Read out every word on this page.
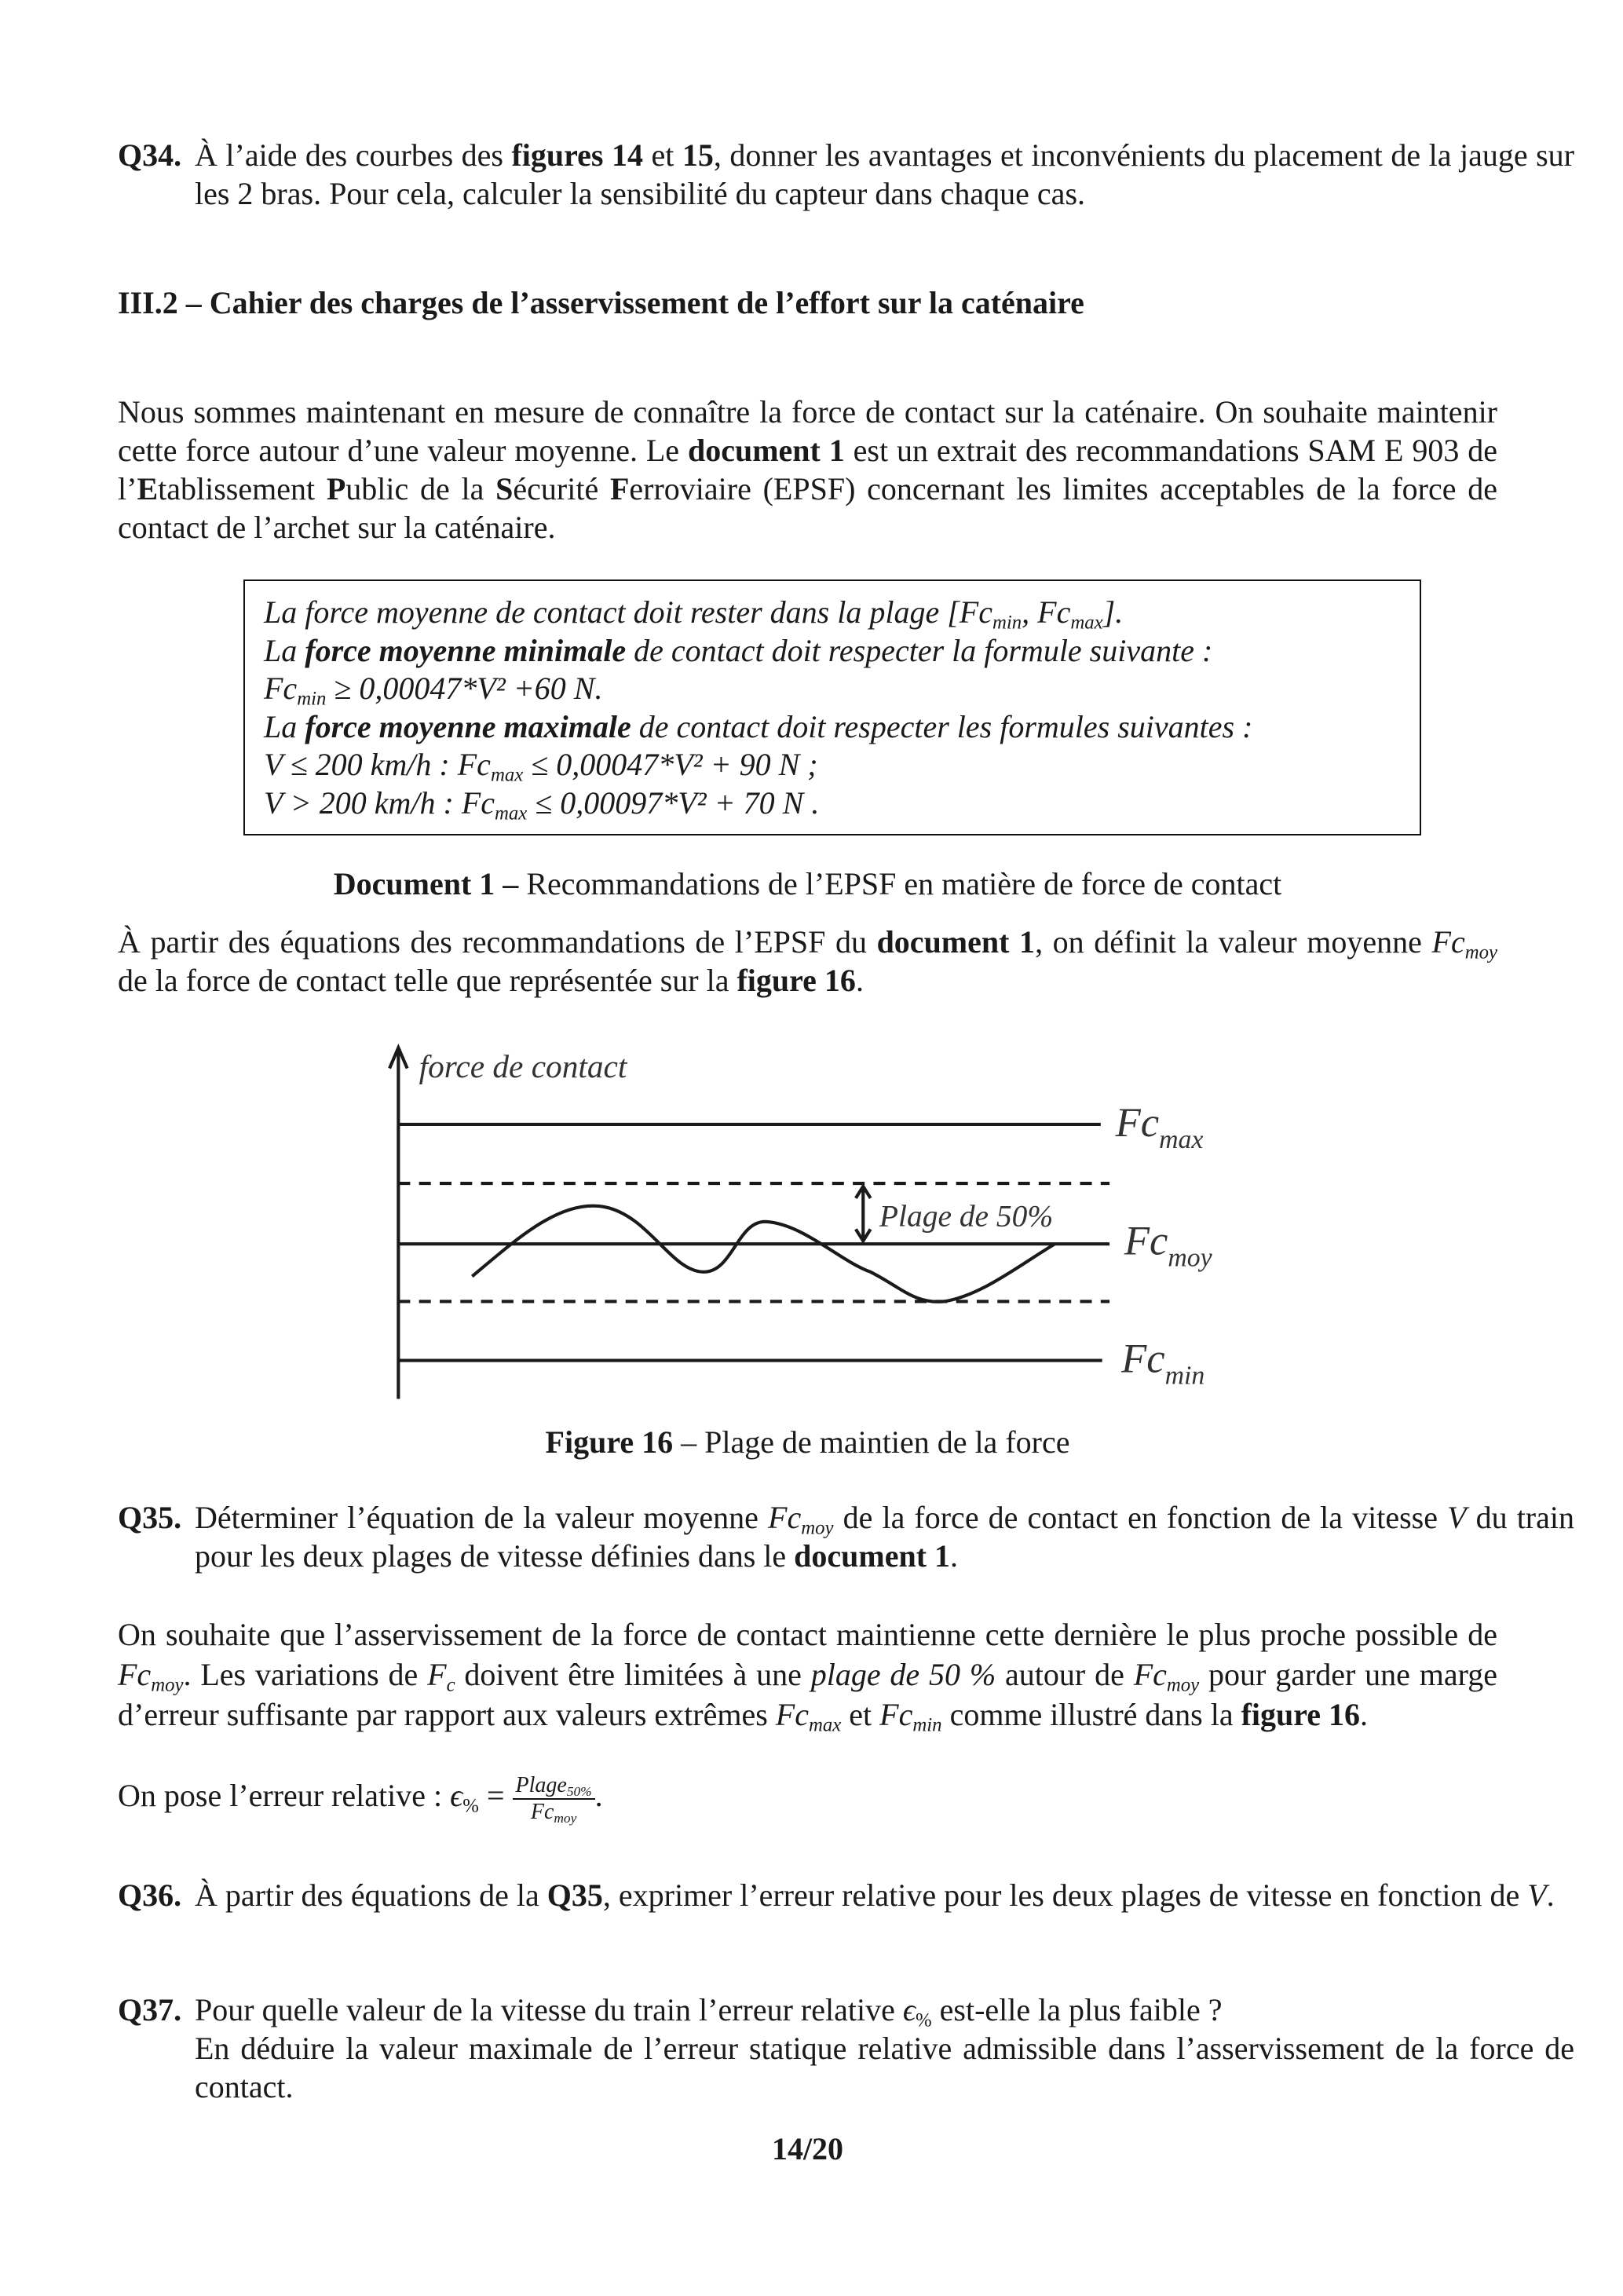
Q34. À l’aide des courbes des figures 14 et 15, donner les avantages et inconvénients du placement de la jauge sur les 2 bras. Pour cela, calculer la sensibilité du capteur dans chaque cas.
III.2 – Cahier des charges de l’asservissement de l’effort sur la caténaire
Nous sommes maintenant en mesure de connaître la force de contact sur la caténaire. On souhaite maintenir cette force autour d’une valeur moyenne. Le document 1 est un extrait des recommandations SAM E 903 de l’Etablissement Public de la Sécurité Ferroviaire (EPSF) concernant les limites acceptables de la force de contact de l’archet sur la caténaire.
La force moyenne de contact doit rester dans la plage [$Fc_{min}$, $Fc_{max}$].
La force moyenne minimale de contact doit respecter la formule suivante :
$Fc_{min} \ge 0,00047*V^2 +60$ N.
La force moyenne maximale de contact doit respecter les formules suivantes :
V ≤ 200 km/h : $Fc_{max} \le 0,00047*V^2 + 90$ N ;
V > 200 km/h : $Fc_{max} \le 0,00097*V^2 + 70$ N .
Document 1 – Recommandations de l’EPSF en matière de force de contact
À partir des équations des recommandations de l’EPSF du document 1, on définit la valeur moyenne $Fc_{moy}$ de la force de contact telle que représentée sur la figure 16.
force de contact
Plage de 50%
$Fc_{max}$
$Fc_{moy}$
$Fc_{min}$
Figure 16 – Plage de maintien de la force
Q35. Déterminer l’équation de la valeur moyenne $Fc_{moy}$ de la force de contact en fonction de la vitesse V du train pour les deux plages de vitesse définies dans le document 1.
On souhaite que l’asservissement de la force de contact maintienne cette dernière le plus proche possible de $Fc_{moy}$. Les variations de $F_c$ doivent être limitées à une plage de 50 % autour de $Fc_{moy}$ pour garder une marge d’erreur suffisante par rapport aux valeurs extrêmes $Fc_{max}$ et $Fc_{min}$ comme illustré dans la figure 16.
On pose l’erreur relative : $\epsilon_{\%} = \frac{Plage_{50\%}}{Fc_{moy}}$ .
Q36. À partir des équations de la Q35, exprimer l’erreur relative pour les deux plages de vitesse en fonction de V.
Q37. Pour quelle valeur de la vitesse du train l’erreur relative $\epsilon_{\%}$ est-elle la plus faible ?
En déduire la valeur maximale de l’erreur statique relative admissible dans l’asservissement de la force de contact.
14/20
